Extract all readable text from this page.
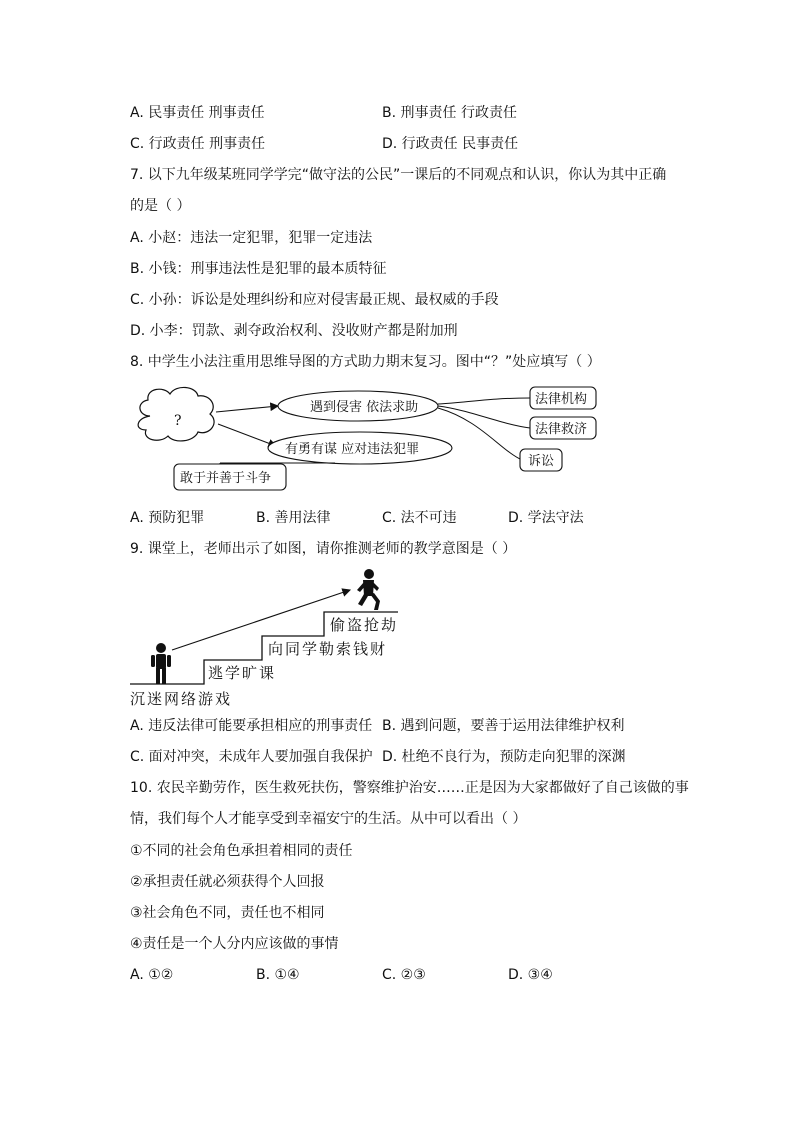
A. 民事责任 刑事责任	B. 刑事责任 行政责任
C. 行政责任 刑事责任	D. 行政责任 民事责任
7. 以下九年级某班同学学完“做守法的公民”一课后的不同观点和认识，你认为其中正确
的是（ ）
A. 小赵：违法一定犯罪，犯罪一定违法
B. 小钱：刑事违法性是犯罪的最本质特征
C. 小孙：诉讼是处理纠纷和应对侵害最正规、最权威的手段
D. 小李：罚款、剥夺政治权利、没收财产都是附加刑
8. 中学生小法注重用思维导图的方式助力期末复习。图中“？”处应填写（ ）
?
遇到侵害 依法求助
有勇有谋 应对违法犯罪
敢于并善于斗争
法律机构
法律救济
诉讼
A. 预防犯罪	B. 善用法律	C. 法不可违	D. 学法守法
9. 课堂上，老师出示了如图，请你推测老师的教学意图是（ ）
沉迷网络游戏
逃学旷课
向同学勒索钱财
偷盗抢劫
A. 违反法律可能要承担相应的刑事责任 B. 遇到问题，要善于运用法律维护权利
C. 面对冲突，未成年人要加强自我保护 D. 杜绝不良行为，预防走向犯罪的深渊
10. 农民辛勤劳作，医生救死扶伤，警察维护治安……正是因为大家都做好了自己该做的事
情，我们每个人才能享受到幸福安宁的生活。从中可以看出（ ）
①不同的社会角色承担着相同的责任
②承担责任就必须获得个人回报
③社会角色不同，责任也不相同
④责任是一个人分内应该做的事情
A. ①②	B. ①④	C. ②③	D. ③④
